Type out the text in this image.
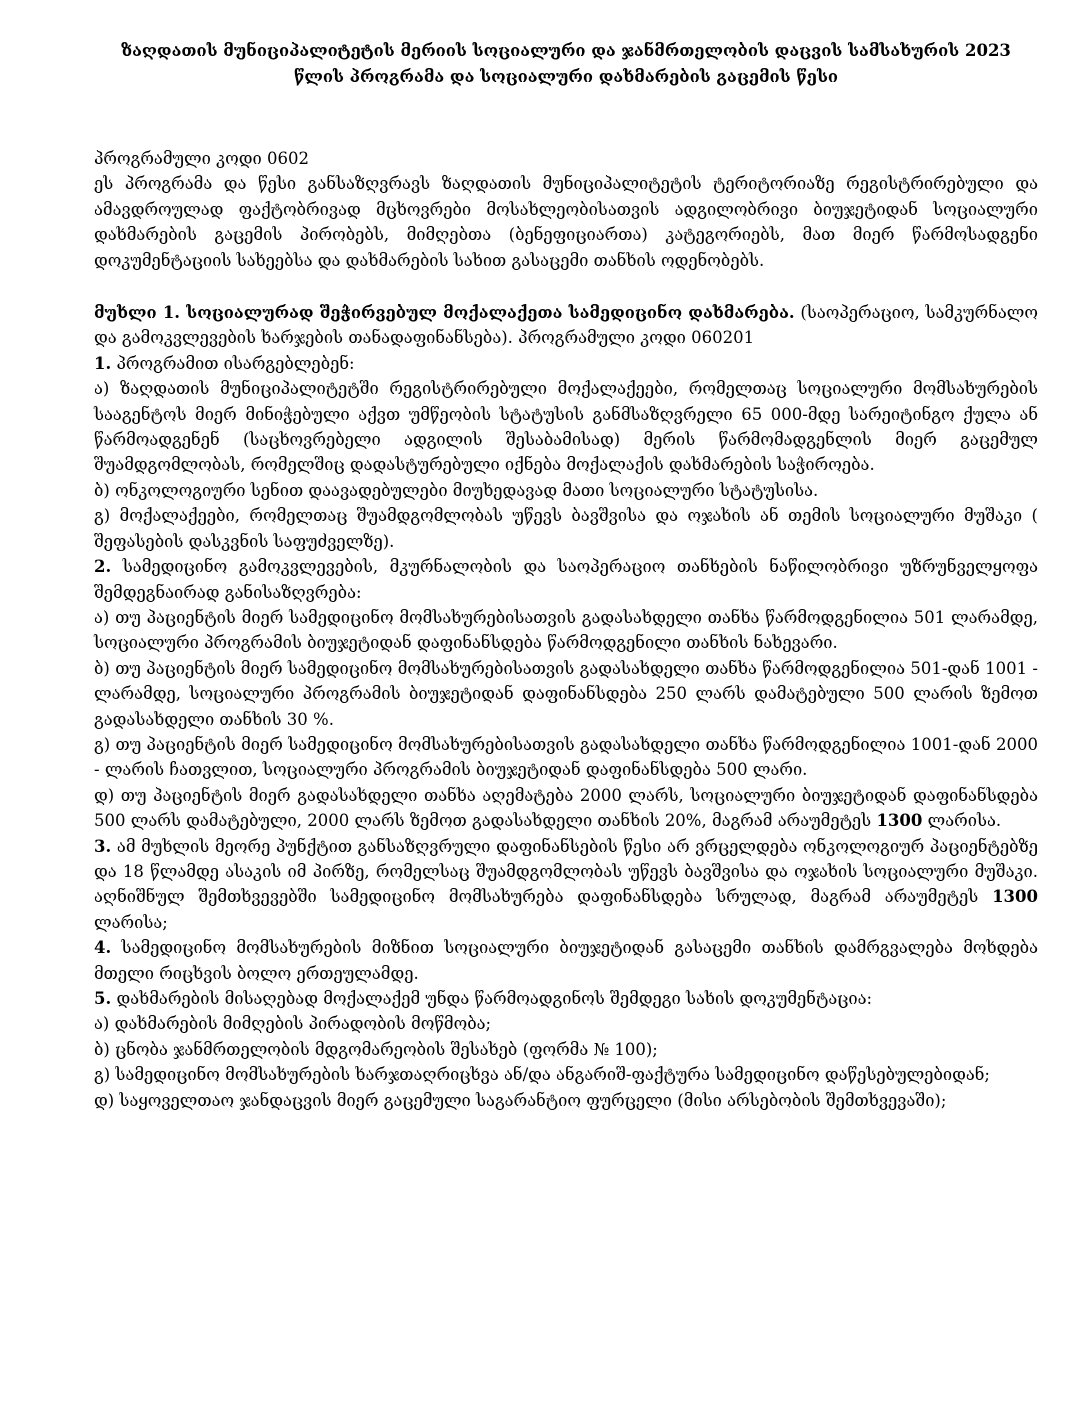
ზაღდათის მუნიციპალიტეტის მერიის სოციალური და ჯანმრთელობის დაცვის სამსახურის 2023 წლის პროგრამა და სოციალური დახმარების გაცემის წესი
პროგრამული კოდი 0602
ეს პროგრამა და წესი განსაზღვრავს ზაღდათის მუნიციპალიტეტის ტერიტორიაზე რეგისტრირებული და ამავდროულად ფაქტობრივად მცხოვრები მოსახლეობისათვის ადგილობრივი ბიუჯეტიდან სოციალური დახმარების გაცემის პირობებს, მიმღებთა (ბენეფიციართა) კატეგორიებს, მათ მიერ წარმოსადგენი დოკუმენტაციის სახეებსა და დახმარების სახით გასაცემი თანხის ოდენობებს.
მუხლი 1. სოციალურად შეჭირვებულ მოქალაქეთა სამედიცინო დახმარება. (საოპერაციო, სამკურნალო და გამოკვლევების ხარჯების თანადაფინანსება). პროგრამული კოდი 060201
1. პროგრამით ისარგებლებენ:
ა) ზაღდათის მუნიციპალიტეტში რეგისტრირებული მოქალაქეები, რომელთაც სოციალური მომსახურების სააგენტოს მიერ მინიჭებული აქვთ უმწეობის სტატუსის განმსაზღვრელი 65 000-მდე სარეიტინგო ქულა ან წარმოადგენენ (საცხოვრებელი ადგილის შესაბამისად) მერის წარმომადგენლის მიერ გაცემულ შუამდგომლობას, რომელშიც დადასტურებული იქნება მოქალაქის დახმარების საჭიროება.
ბ) ონკოლოგიური სენით დაავადებულები მიუხედავად მათი სოციალური სტატუსისა.
გ) მოქალაქეები, რომელთაც შუამდგომლობას უწევს ბავშვისა და ოჯახის ან თემის სოციალური მუშაკი ( შეფასების დასკვნის საფუძველზე).
2. სამედიცინო გამოკვლევების, მკურნალობის და საოპერაციო თანხების ნაწილობრივი უზრუნველყოფა შემდეგნაირად განისაზღვრება:
ა) თუ პაციენტის მიერ სამედიცინო მომსახურებისათვის გადასახდელი თანხა წარმოდგენილია 501 ლარამდე, სოციალური პროგრამის ბიუჯეტიდან დაფინანსდება წარმოდგენილი თანხის ნახევარი.
ბ) თუ პაციენტის მიერ სამედიცინო მომსახურებისათვის გადასახდელი თანხა წარმოდგენილია 501-დან 1001 - ლარამდე, სოციალური პროგრამის ბიუჯეტიდან დაფინანსდება 250 ლარს დამატებული 500 ლარის ზემოთ გადასახდელი თანხის 30 %.
გ) თუ პაციენტის მიერ სამედიცინო მომსახურებისათვის გადასახდელი თანხა წარმოდგენილია 1001-დან 2000 - ლარის ჩათვლით, სოციალური პროგრამის ბიუჯეტიდან დაფინანსდება 500 ლარი.
დ) თუ პაციენტის მიერ გადასახდელი თანხა აღემატება 2000 ლარს, სოციალური ბიუჯეტიდან დაფინანსდება 500 ლარს დამატებული, 2000 ლარს ზემოთ გადასახდელი თანხის 20%, მაგრამ არაუმეტეს 1300 ლარისა.
3. ამ მუხლის მეორე პუნქტით განსაზღვრული დაფინანსების წესი არ ვრცელდება ონკოლოგიურ პაციენტებზე და 18 წლამდე ასაკის იმ პირზე, რომელსაც შუამდგომლობას უწევს ბავშვისა და ოჯახის სოციალური მუშაკი. აღნიშნულ შემთხვევებში სამედიცინო მომსახურება დაფინანსდება სრულად, მაგრამ არაუმეტეს 1300 ლარისა;
4. სამედიცინო მომსახურების მიზნით სოციალური ბიუჯეტიდან გასაცემი თანხის დამრგვალება მოხდება მთელი რიცხვის ბოლო ერთეულამდე.
5. დახმარების მისაღებად მოქალაქემ უნდა წარმოადგინოს შემდეგი სახის დოკუმენტაცია:
ა) დახმარების მიმღების პირადობის მოწმობა;
ბ) ცნობა ჯანმრთელობის მდგომარეობის შესახებ (ფორმა № 100);
გ) სამედიცინო მომსახურების ხარჯთაღრიცხვა ან/და ანგარიშ-ფაქტურა სამედიცინო დაწესებულებიდან;
დ) საყოველთაო ჯანდაცვის მიერ გაცემული საგარანტიო ფურცელი (მისი არსებობის შემთხვევაში);
